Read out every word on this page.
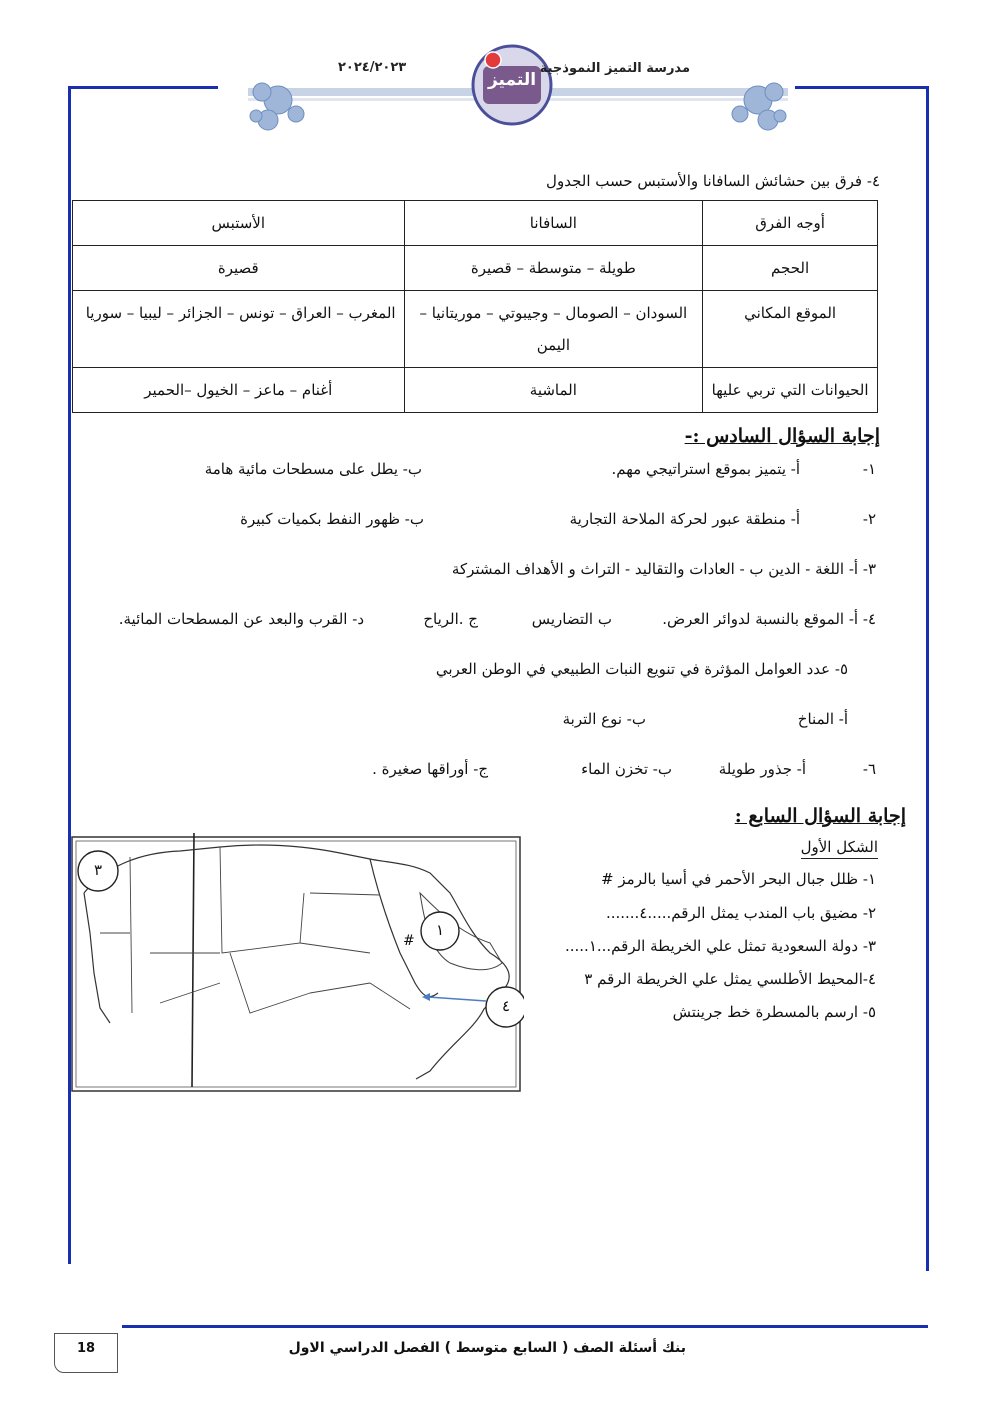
التميز
مدرسة التميز النموذجية
٢٠٢٤/٢٠٢٣
٤- فرق بين حشائش السافانا والأستبس حسب الجدول
أوجه الفرق	السافانا	الأستبس
الحجم	طويلة – متوسطة – قصيرة	قصيرة
الموقع المكاني	السودان – الصومال – وجيبوتي – موريتانيا – اليمن	المغرب – العراق – تونس – الجزائر – ليبيا – سوريا
الحيوانات التي تربي عليها	الماشية	أغنام – ماعز – الخيول –الحمير
إجابة السؤال السادس :-
١-
أ- يتميز بموقع استراتيجي مهم.
ب- يطل على مسطحات مائية هامة
٢-
أ- منطقة عبور لحركة الملاحة التجارية
ب- ظهور النفط بكميات كبيرة
٣- أ- اللغة - الدين ب - العادات والتقاليد - التراث و الأهداف المشتركة
٤- أ- الموقع بالنسبة لدوائر العرض.
ب التضاريس
ج .الرياح
د- القرب والبعد عن المسطحات المائية.
٥- عدد العوامل المؤثرة في تنويع النبات الطبيعي في الوطن العربي
أ- المناخ
ب- نوع التربة
٦-
أ- جذور طويلة
ب- تخزن الماء
ج- أوراقها صغيرة .
إجابة السؤال السابع :
الشكل الأول
١- ظلل جبال البحر الأحمر في أسيا بالرمز #
٢- مضيق باب المندب يمثل الرقم.....٤.......
٣- دولة السعودية تمثل علي الخريطة الرقم...١.....
٤-المحيط الأطلسي يمثل علي الخريطة الرقم ٣
٥- ارسم بالمسطرة خط جرينتش
٣
١
٤
#
بنك أسئلة الصف ( السابع متوسط ) الفصل الدراسي الاول
18
